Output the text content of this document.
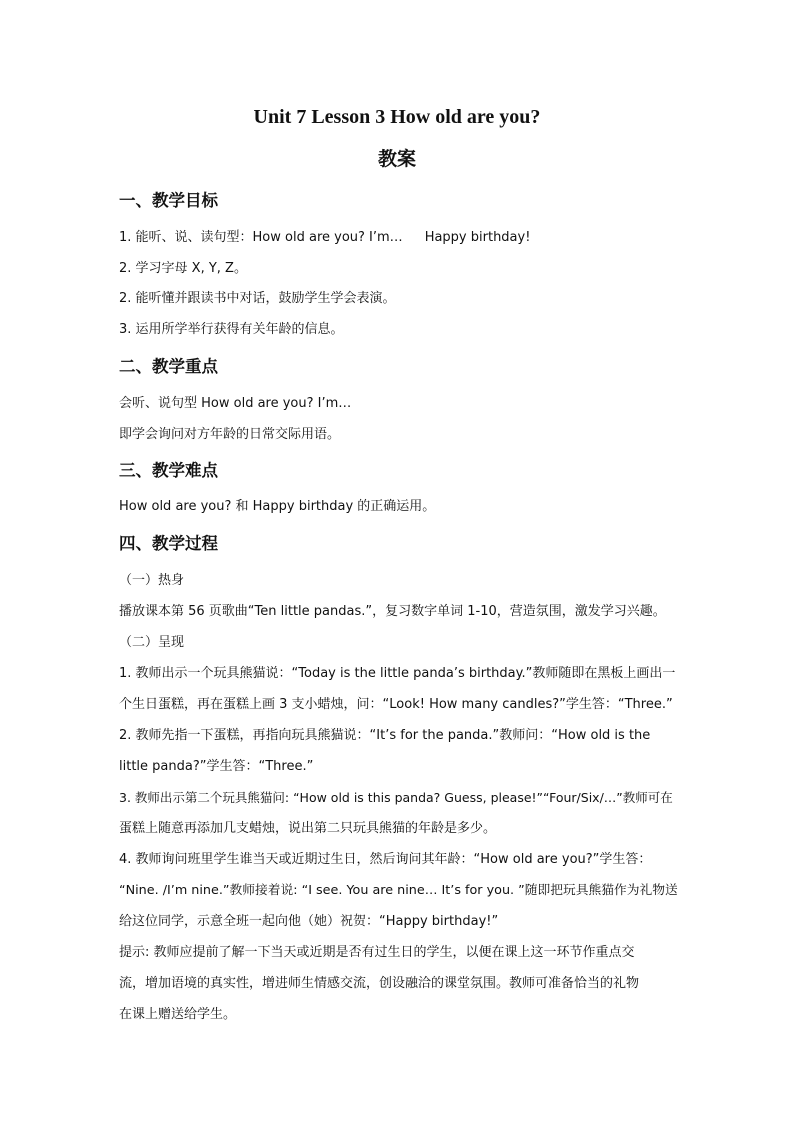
Unit 7 Lesson 3 How old are you?
教案
一、教学目标
1. 能听、说、读句型：How old are you? I’m… Happy birthday!
2. 学习字母 X, Y, Z。
2. 能听懂并跟读书中对话，鼓励学生学会表演。
3. 运用所学举行获得有关年龄的信息。
二、教学重点
会听、说句型 How old are you? I’m…
即学会询问对方年龄的日常交际用语。
三、教学难点
How old are you? 和 Happy birthday 的正确运用。
四、教学过程
（一）热身
播放课本第 56 页歌曲“Ten little pandas.”，复习数字单词 1-10，营造氛围，激发学习兴趣。
（二）呈现
1. 教师出示一个玩具熊猫说：“Today is the little panda’s birthday.”教师随即在黑板上画出一
个生日蛋糕，再在蛋糕上画 3 支小蜡烛，问：“Look! How many candles?”学生答：“Three.”
2. 教师先指一下蛋糕，再指向玩具熊猫说：“It’s for the panda.”教师问：“How old is the
little panda?”学生答：“Three.”
3. 教师出示第二个玩具熊猫问: “How old is this panda? Guess, please!”“Four/Six/…”教师可在
蛋糕上随意再添加几支蜡烛，说出第二只玩具熊猫的年龄是多少。
4. 教师询问班里学生谁当天或近期过生日，然后询问其年龄：“How old are you?”学生答：
“Nine. /I’m nine.”教师接着说: “I see. You are nine… It’s for you. ”随即把玩具熊猫作为礼物送
给这位同学，示意全班一起向他（她）祝贺：“Happy birthday!”
提示: 教师应提前了解一下当天或近期是否有过生日的学生，以便在课上这一环节作重点交
流，增加语境的真实性，增进师生情感交流，创设融洽的课堂氛围。教师可准备恰当的礼物
在课上赠送给学生。
